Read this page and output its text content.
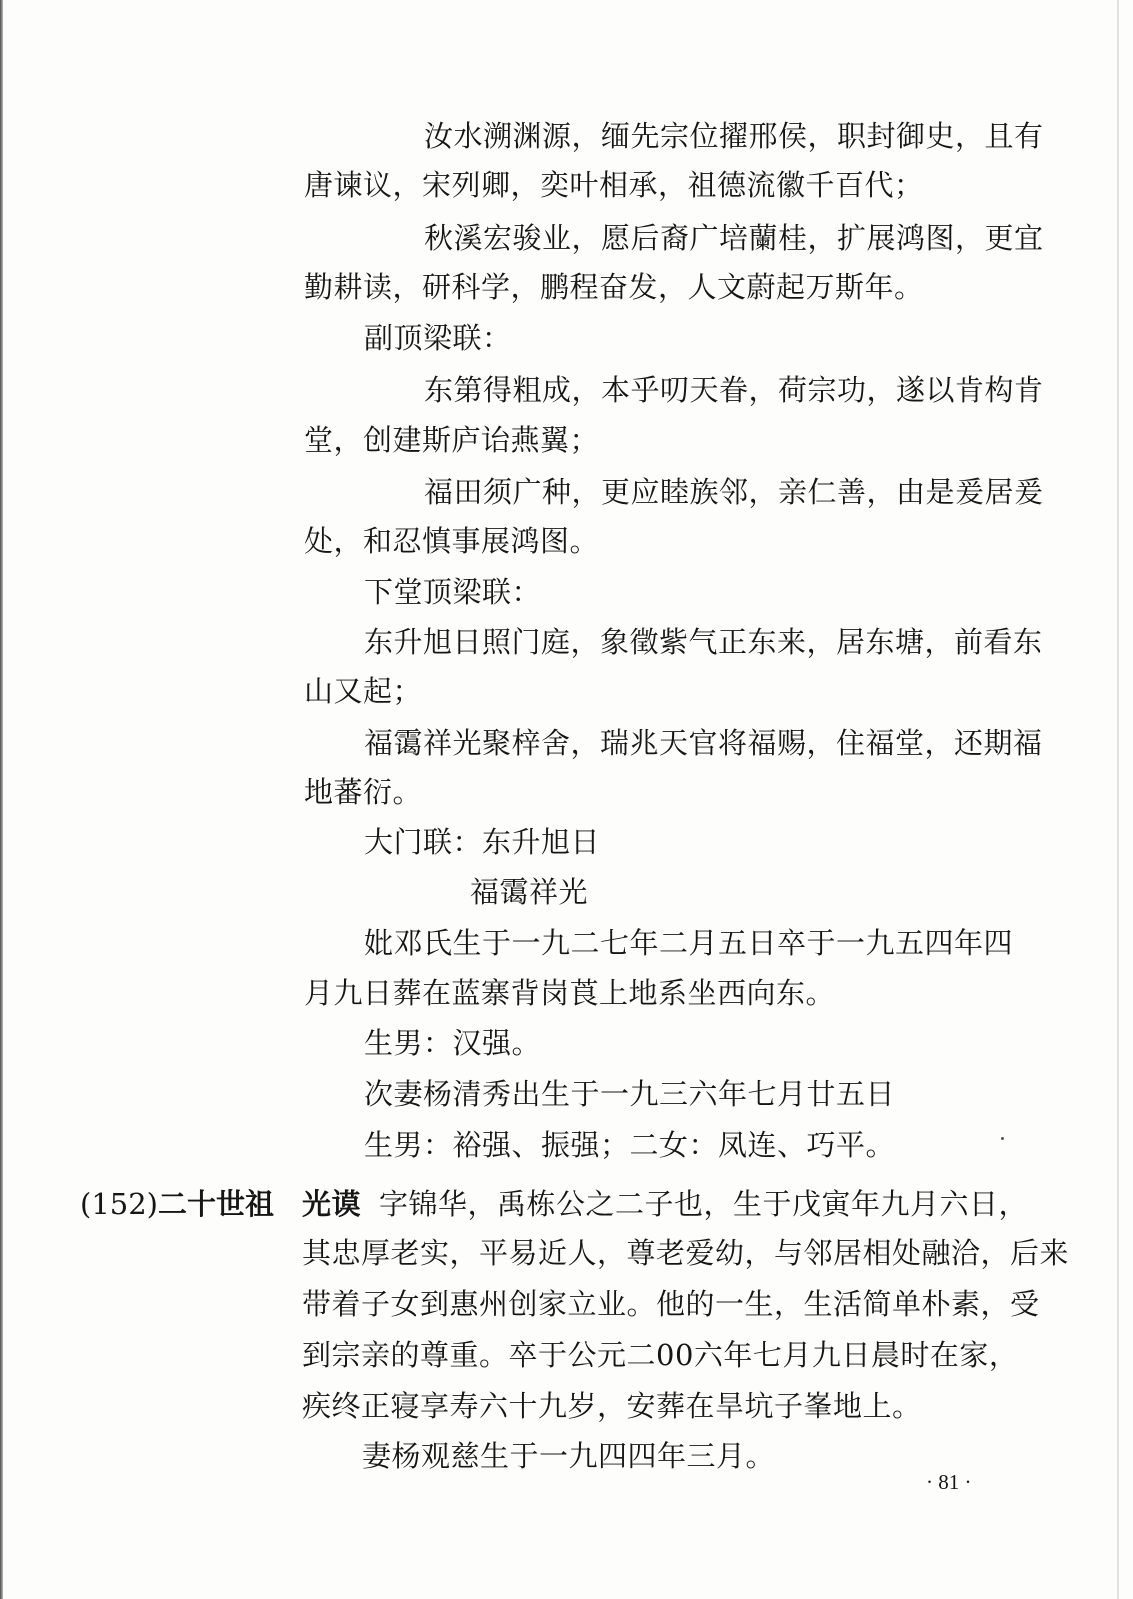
汝水溯渊源，缅先宗位擢邢侯，职封御史，且有
唐谏议，宋列卿，奕叶相承，祖德流徽千百代；
秋溪宏骏业，愿后裔广培蘭桂，扩展鸿图，更宜
勤耕读，研科学，鹏程奋发，人文蔚起万斯年。
副顶梁联：
东第得粗成，本乎叨天眷，荷宗功，遂以肯构肯
堂，创建斯庐诒燕翼；
福田须广种，更应睦族邻，亲仁善，由是爰居爰
处，和忍慎事展鸿图。
下堂顶梁联：
东升旭日照门庭，象徵紫气正东来，居东塘，前看东
山又起；
福霭祥光聚梓舍，瑞兆天官将福赐，住福堂，还期福
地蕃衍。
大门联：东升旭日
福霭祥光
妣邓氏生于一九二七年二月五日卒于一九五四年四
月九日葬在蓝寨背岗莨上地系坐西向东。
生男：汉强。
次妻杨清秀出生于一九三六年七月廿五日
生男：裕强、振强；二女：凤连、巧平。
(152)二十世祖 光谟 字锦华，禹栋公之二子也，生于戊寅年九月六日，
其忠厚老实，平易近人，尊老爱幼，与邻居相处融洽，后来
带着子女到惠州创家立业。他的一生，生活简单朴素，受
到宗亲的尊重。卒于公元二00六年七月九日晨时在家，
疾终正寝享寿六十九岁，安葬在旱坑子峯地上。
妻杨观慈生于一九四四年三月。
· 81 ·
